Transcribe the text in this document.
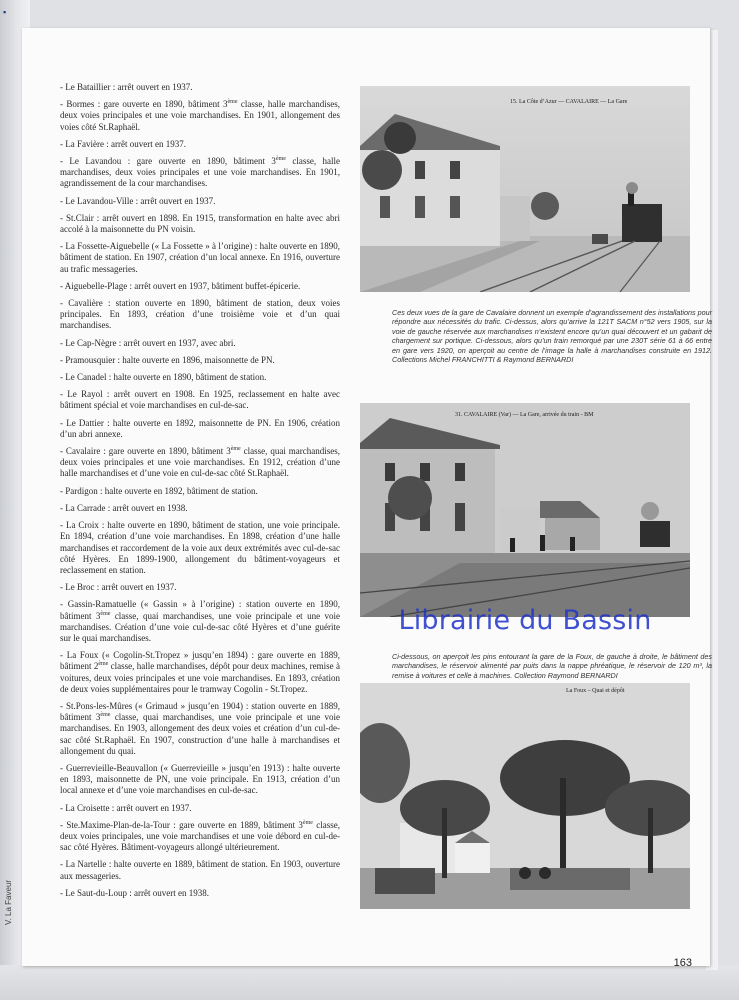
▪
V. La Faveur

- Le Bataillier : arrêt ouvert en 1937.

- Bormes : gare ouverte en 1890, bâtiment 3ème classe, halle marchandises, deux voies principales et une voie marchandises. En 1901, allongement des voies côté St.Raphaël.

- La Favière : arrêt ouvert en 1937.

- Le Lavandou : gare ouverte en 1890, bâtiment 3ème classe, halle marchandises, deux voies principales et une voie marchandises. En 1901, agrandissement de la cour marchandises.

- Le Lavandou-Ville : arrêt ouvert en 1937.

- St.Clair : arrêt ouvert en 1898. En 1915, transformation en halte avec abri accolé à la maisonnette du PN voisin.

- La Fossette-Aiguebelle (« La Fossette » à l’origine) : halte ouverte en 1890, bâtiment de station. En 1907, création d’un local annexe. En 1916, ouverture au trafic messageries.

- Aiguebelle-Plage : arrêt ouvert en 1937, bâtiment buffet-épicerie.

- Cavalière : station ouverte en 1890, bâtiment de station, deux voies principales. En 1893, création d’une troisième voie et d’un quai marchandises.

- Le Cap-Nègre : arrêt ouvert en 1937, avec abri.

- Pramousquier : halte ouverte en 1896, maisonnette de PN.

- Le Canadel : halte ouverte en 1890, bâtiment de station.

- Le Rayol : arrêt ouvert en 1908. En 1925, reclassement en halte avec bâtiment spécial et voie marchandises en cul-de-sac.

- Le Dattier : halte ouverte en 1892, maisonnette de PN. En 1906, création d’un abri annexe.

- Cavalaire : gare ouverte en 1890, bâtiment 3ème classe, quai marchandises, deux voies principales et une voie marchandises. En 1912, création d’une halle marchandises et d’une voie en cul-de-sac côté St.Raphaël.

- Pardigon : halte ouverte en 1892, bâtiment de station.

- La Carrade : arrêt ouvert en 1938.

- La Croix : halte ouverte en 1890, bâtiment de station, une voie principale. En 1894, création d’une voie marchandises. En 1898, création d’une halle marchandises et raccordement de la voie aux deux extrémités avec cul-de-sac côté Hyères. En 1899-1900, allongement du bâtiment-voyageurs et reclassement en station.

- Le Broc : arrêt ouvert en 1937.

- Gassin-Ramatuelle (« Gassin » à l’origine) : station ouverte en 1890, bâtiment 3ème classe, quai marchandises, une voie principale et une voie marchandises. Création d’une voie cul-de-sac côté Hyères et d’une guérite sur le quai marchandises.

- La Foux (« Cogolin-St.Tropez » jusqu’en 1894) : gare ouverte en 1889, bâtiment 2ème classe, halle marchandises, dépôt pour deux machines, remise à voitures, deux voies principales et une voie marchandises. En 1893, création de deux voies supplémentaires pour le tramway Cogolin - St.Tropez.

- St.Pons-les-Mûres (« Grimaud » jusqu’en 1904) : station ouverte en 1889, bâtiment 3ème classe, quai marchandises, une voie principale et une voie marchandises. En 1903, allongement des deux voies et création d’un cul-de-sac côté St.Raphaël. En 1907, construction d’une halle à marchandises et allongement du quai.

- Guerrevieille-Beauvallon (« Guerrevieille » jusqu’en 1913) : halte ouverte en 1893, maisonnette de PN, une voie principale. En 1913, création d’un local annexe et d’une voie marchandises en cul-de-sac.

- La Croisette : arrêt ouvert en 1937.

- Ste.Maxime-Plan-de-la-Tour : gare ouverte en 1889, bâtiment 3ème classe, deux voies principales, une voie marchandises et une voie débord en cul-de-sac côté Hyères. Bâtiment-voyageurs allongé ultérieurement.

- La Nartelle : halte ouverte en 1889, bâtiment de station. En 1903, ouverture aux messageries.

- Le Saut-du-Loup : arrêt ouvert en 1938.

15. La Côte d’Azur — CAVALAIRE — La Gare
Ces deux vues de la gare de Cavalaire donnent un exemple d’agrandissement des installations pour répondre aux nécessités du trafic. Ci-dessus, alors qu’arrive la 121T SACM n°52 vers 1905, sur la voie de gauche réservée aux marchandises n’existent encore qu’un quai découvert et un gabarit de chargement sur portique. Ci-dessous, alors qu’un train remorqué par une 230T série 61 à 66 entre en gare vers 1920, on aperçoit au centre de l’image la halle à marchandises construite en 1912. Collections Michel FRANCHITTI & Raymond BERNARDI
31. CAVALAIRE (Var) — La Gare, arrivée du train - BM
Ci-dessous, on aperçoit les pins entourant la gare de la Foux, de gauche à droite, le bâtiment des marchandises, le réservoir alimenté par puits dans la nappe phréatique, le réservoir de 120 m³, la remise à voitures et celle à machines. Collection Raymond BERNARDI
La Foux – Quai et dépôt
163
Librairie du Bassin
